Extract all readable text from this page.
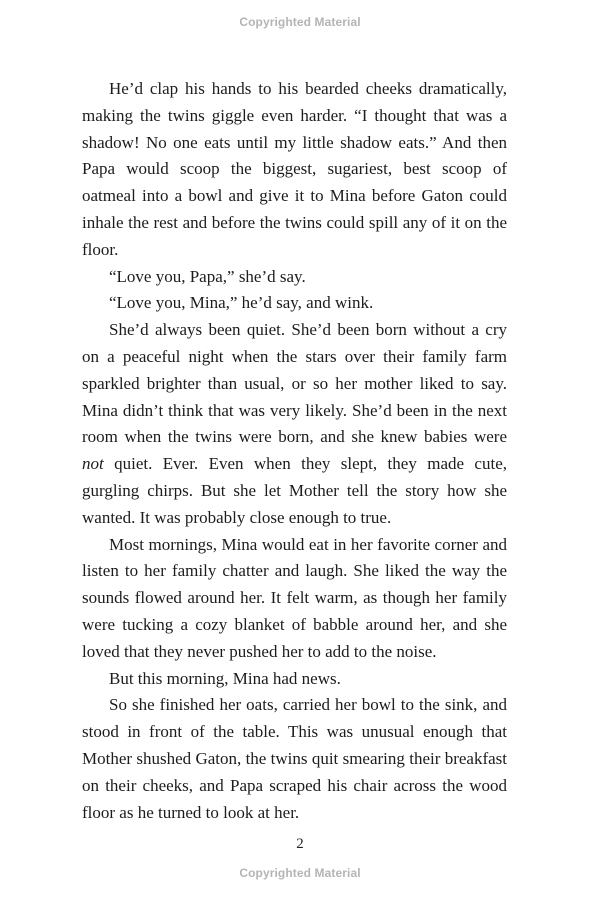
Copyrighted Material

He’d clap his hands to his bearded cheeks dramatically, making the twins giggle even harder. “I thought that was a shadow! No one eats until my little shadow eats.” And then Papa would scoop the biggest, sugariest, best scoop of oatmeal into a bowl and give it to Mina before Gaton could inhale the rest and before the twins could spill any of it on the floor.

“Love you, Papa,” she’d say.

“Love you, Mina,” he’d say, and wink.

She’d always been quiet. She’d been born without a cry on a peaceful night when the stars over their family farm sparkled brighter than usual, or so her mother liked to say. Mina didn’t think that was very likely. She’d been in the next room when the twins were born, and she knew babies were not quiet. Ever. Even when they slept, they made cute, gurgling chirps. But she let Mother tell the story how she wanted. It was probably close enough to true.

Most mornings, Mina would eat in her favorite corner and listen to her family chatter and laugh. She liked the way the sounds flowed around her. It felt warm, as though her family were tucking a cozy blanket of babble around her, and she loved that they never pushed her to add to the noise.

But this morning, Mina had news.

So she finished her oats, carried her bowl to the sink, and stood in front of the table. This was unusual enough that Mother shushed Gaton, the twins quit smearing their breakfast on their cheeks, and Papa scraped his chair across the wood floor as he turned to look at her.

2
Copyrighted Material
